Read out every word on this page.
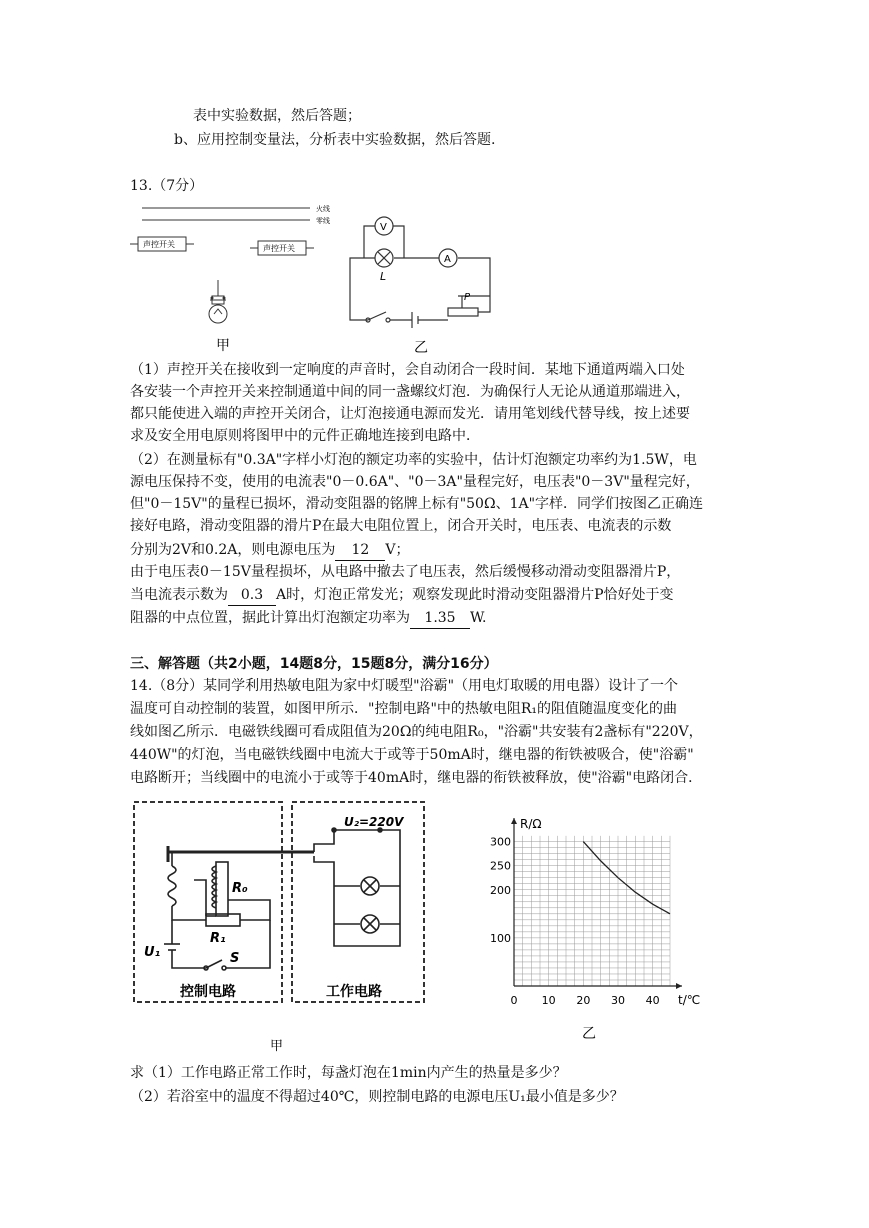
表中实验数据，然后答题；
b、应用控制变量法，分析表中实验数据，然后答题.
13.（7分）
火线
零线
声控开关	声控开关
甲
V
A
L
P
乙
（1）声控开关在接收到一定响度的声音时，会自动闭合一段时间．某地下通道两端入口处
各安装一个声控开关来控制通道中间的同一盏螺纹灯泡．为确保行人无论从通道那端进入，
都只能使进入端的声控开关闭合，让灯泡接通电源而发光．请用笔划线代替导线，按上述要
求及安全用电原则将图甲中的元件正确地连接到电路中．
（2）在测量标有"0.3A"字样小灯泡的额定功率的实验中，估计灯泡额定功率约为1.5W，电
源电压保持不变，使用的电流表"0－0.6A"、"0－3A"量程完好，电压表"0－3V"量程完好，
但"0－15V"的量程已损坏，滑动变阻器的铭牌上标有"50Ω、1A"字样．同学们按图乙正确连
接好电路，滑动变阻器的滑片P在最大电阻位置上，闭合开关时，电压表、电流表的示数
分别为2V和0.2A，则电源电压为 12 V；
由于电压表0－15V量程损坏，从电路中撤去了电压表，然后缓慢移动滑动变阻器滑片P，
当电流表示数为 0.3 A时，灯泡正常发光；观察发现此时滑动变阻器滑片P恰好处于变
阻器的中点位置，据此计算出灯泡额定功率为 1.35 W.
三、解答题（共2小题，14题8分，15题8分，满分16分）
14.（8分）某同学利用热敏电阻为家中灯暖型"浴霸"（用电灯取暖的用电器）设计了一个
温度可自动控制的装置，如图甲所示．"控制电路"中的热敏电阻R₁的阻值随温度变化的曲
线如图乙所示．电磁铁线圈可看成阻值为20Ω的纯电阻R₀，"浴霸"共安装有2盏标有"220V，
440W"的灯泡，当电磁铁线圈中电流大于或等于50mA时，继电器的衔铁被吸合，使"浴霸"
电路断开；当线圈中的电流小于或等于40mA时，继电器的衔铁被释放，使"浴霸"电路闭合．
U₂=220V
R₀
R₁
U₁	S
控制电路	工作电路
甲
0 10 20 30 40
100
200
250
300
R/Ω
t/℃
乙
求（1）工作电路正常工作时，每盏灯泡在1min内产生的热量是多少？
（2）若浴室中的温度不得超过40℃，则控制电路的电源电压U₁最小值是多少？
